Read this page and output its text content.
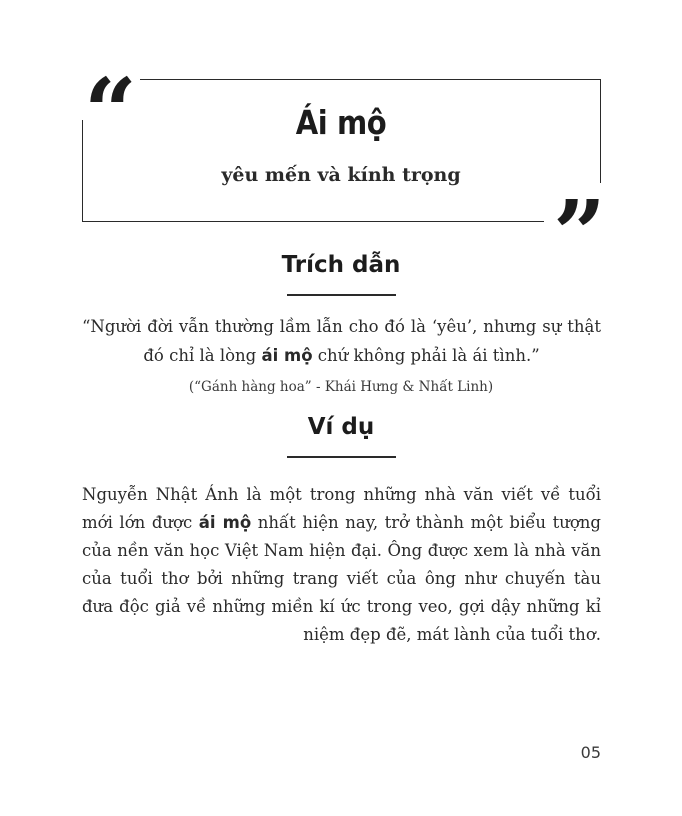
“
”
Ái mộ
yêu mến và kính trọng
Trích dẫn
“Người đời vẫn thường lầm lẫn cho đó là ‘yêu’, nhưng sự thật đó chỉ là lòng ái mộ chứ không phải là ái tình.”
(“Gánh hàng hoa” - Khái Hưng & Nhất Linh)
Ví dụ
Nguyễn Nhật Ánh là một trong những nhà văn viết về tuổi mới lớn được ái mộ nhất hiện nay, trở thành một biểu tượng của nền văn học Việt Nam hiện đại. Ông được xem là nhà văn của tuổi thơ bởi những trang viết của ông như chuyến tàu đưa độc giả về những miền kí ức trong veo, gợi dậy những kỉ niệm đẹp đẽ, mát lành của tuổi thơ.
05
